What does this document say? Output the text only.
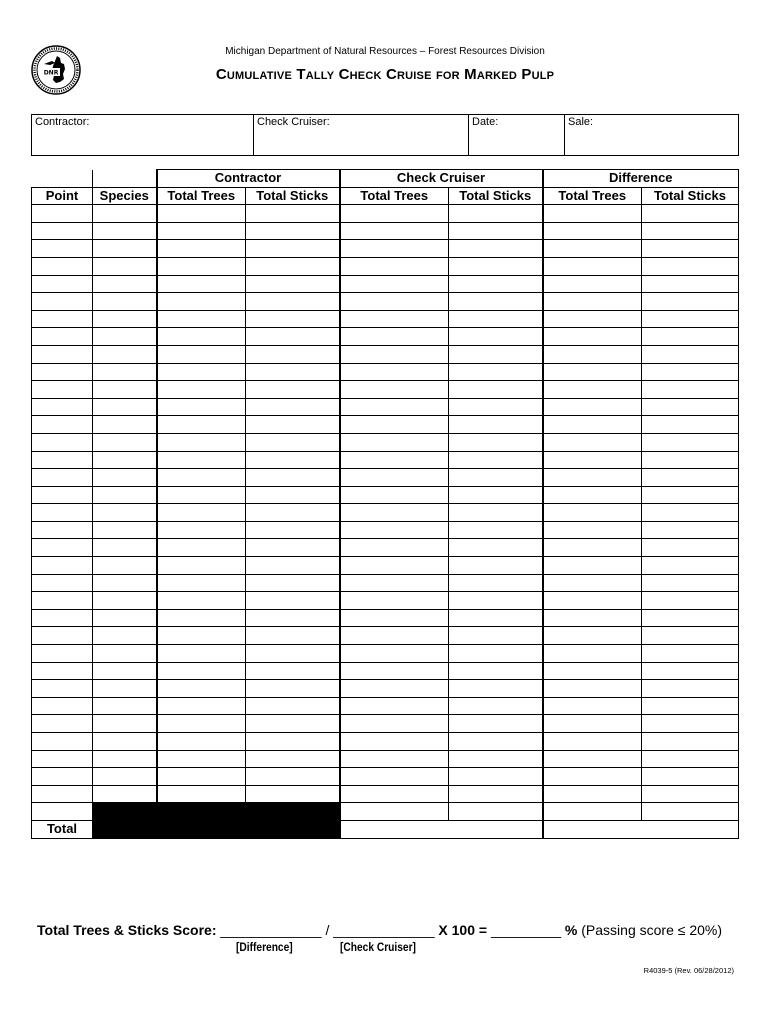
DNR
Michigan Department of Natural Resources – Forest Resources Division
Cumulative Tally Check Cruise for Marked Pulp
Contractor:	Check Cruiser:	Date:	Sale:
		Contractor		Check Cruiser		Difference	
Point	Species	Total Trees	Total Sticks	Total Trees	Total Sticks	Total Trees	Total Sticks

Total							
Total Trees & Sticks Score: _____________ / _____________ X 100 = _________ % (Passing score ≤ 20%)
[Difference]	[Check Cruiser]
R4039-5 (Rev. 06/28/2012)
